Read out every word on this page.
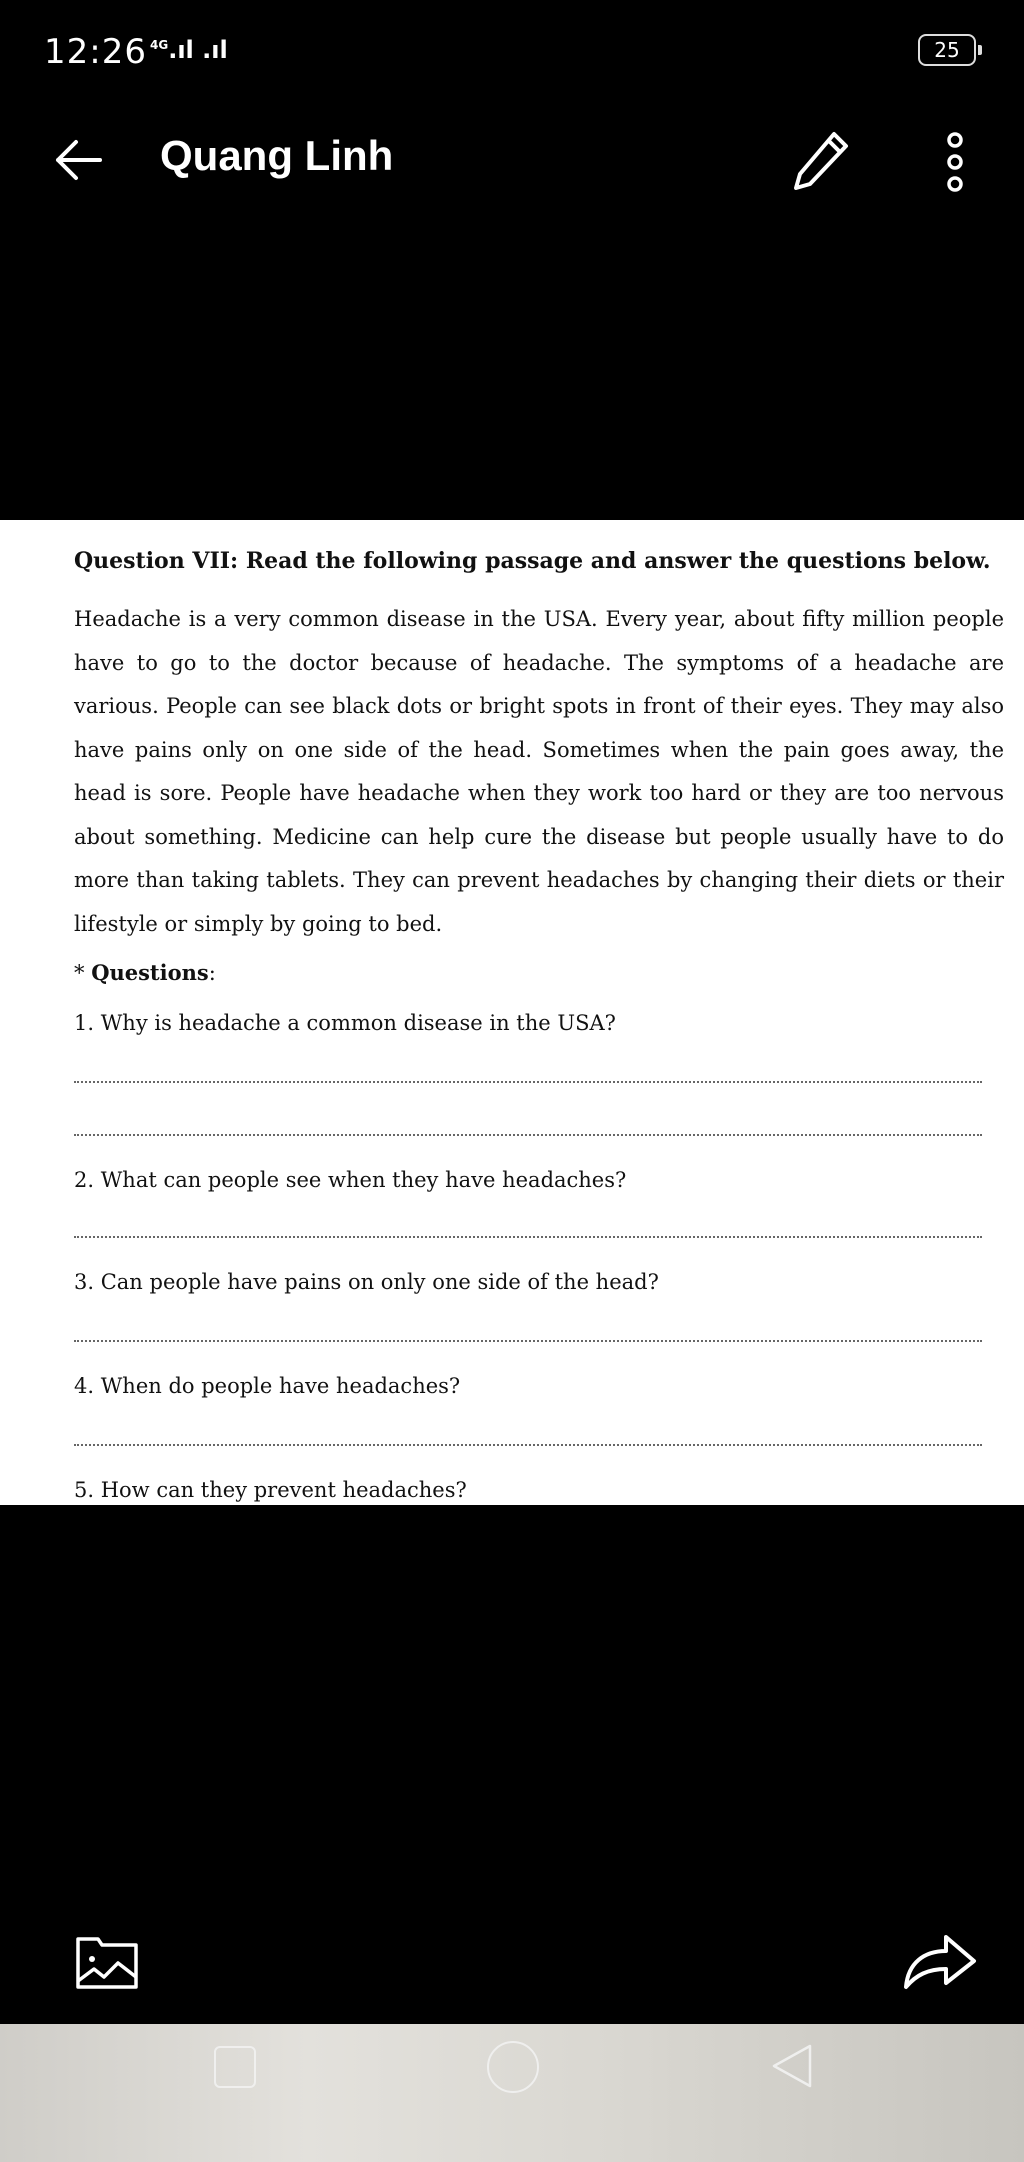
12:26 $^{4G}$.ıl .ıl	25
Quang Linh

Question VII: Read the following passage and answer the questions below.

Headache is a very common disease in the USA. Every year, about fifty million people have to go to the doctor because of headache. The symptoms of a headache are various. People can see black dots or bright spots in front of their eyes. They may also have pains only on one side of the head. Sometimes when the pain goes away, the head is sore. People have headache when they work too hard or they are too nervous about something. Medicine can help cure the disease but people usually have to do more than taking tablets. They can prevent headaches by changing their diets or their lifestyle or simply by going to bed.

* Questions:

1. Why is headache a common disease in the USA?

2. What can people see when they have headaches?

3. Can people have pains on only one side of the head?

4. When do people have headaches?

5. How can they prevent headaches?
